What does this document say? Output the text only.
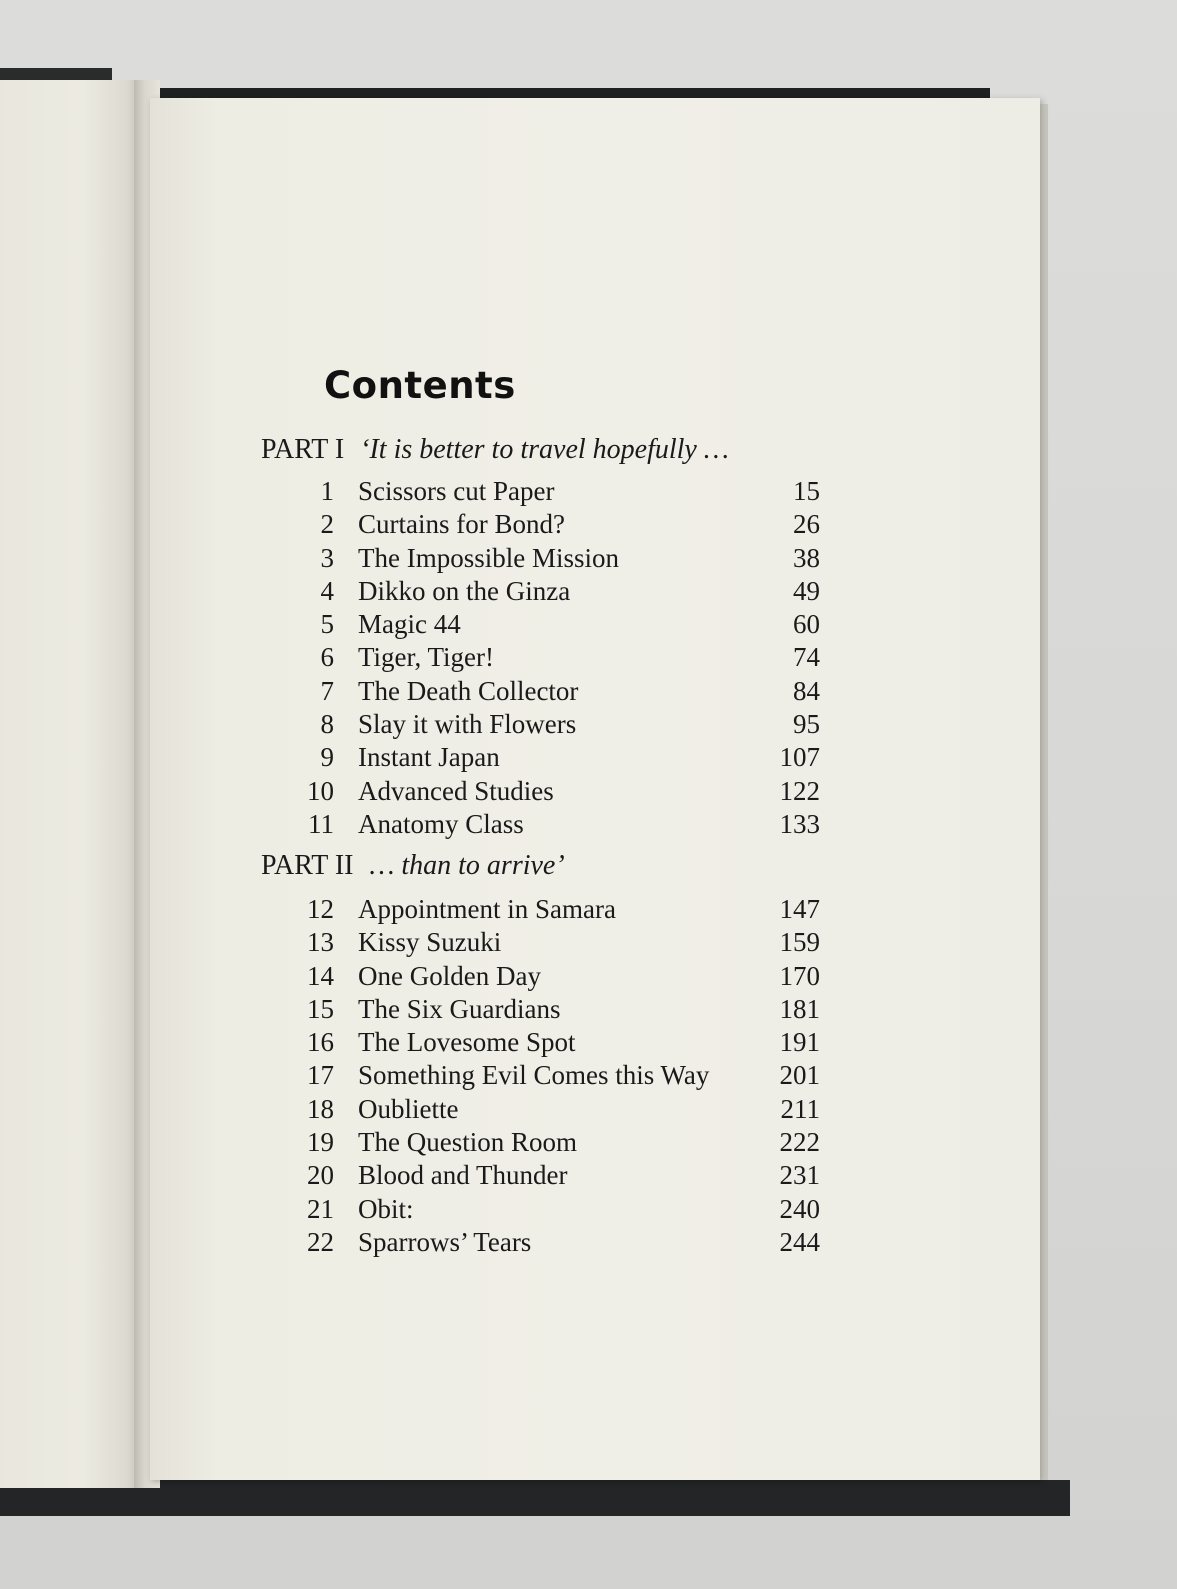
Contents
PART I ‘It is better to travel hopefully …
1 Scissors cut Paper	15
2 Curtains for Bond?	26
3 The Impossible Mission	38
4 Dikko on the Ginza	49
5 Magic 44	60
6 Tiger, Tiger!	74
7 The Death Collector	84
8 Slay it with Flowers	95
9 Instant Japan	107
10 Advanced Studies	122
11 Anatomy Class	133
PART II … than to arrive’
12 Appointment in Samara	147
13 Kissy Suzuki	159
14 One Golden Day	170
15 The Six Guardians	181
16 The Lovesome Spot	191
17 Something Evil Comes this Way	201
18 Oubliette	211
19 The Question Room	222
20 Blood and Thunder	231
21 Obit:	240
22 Sparrows’ Tears	244
